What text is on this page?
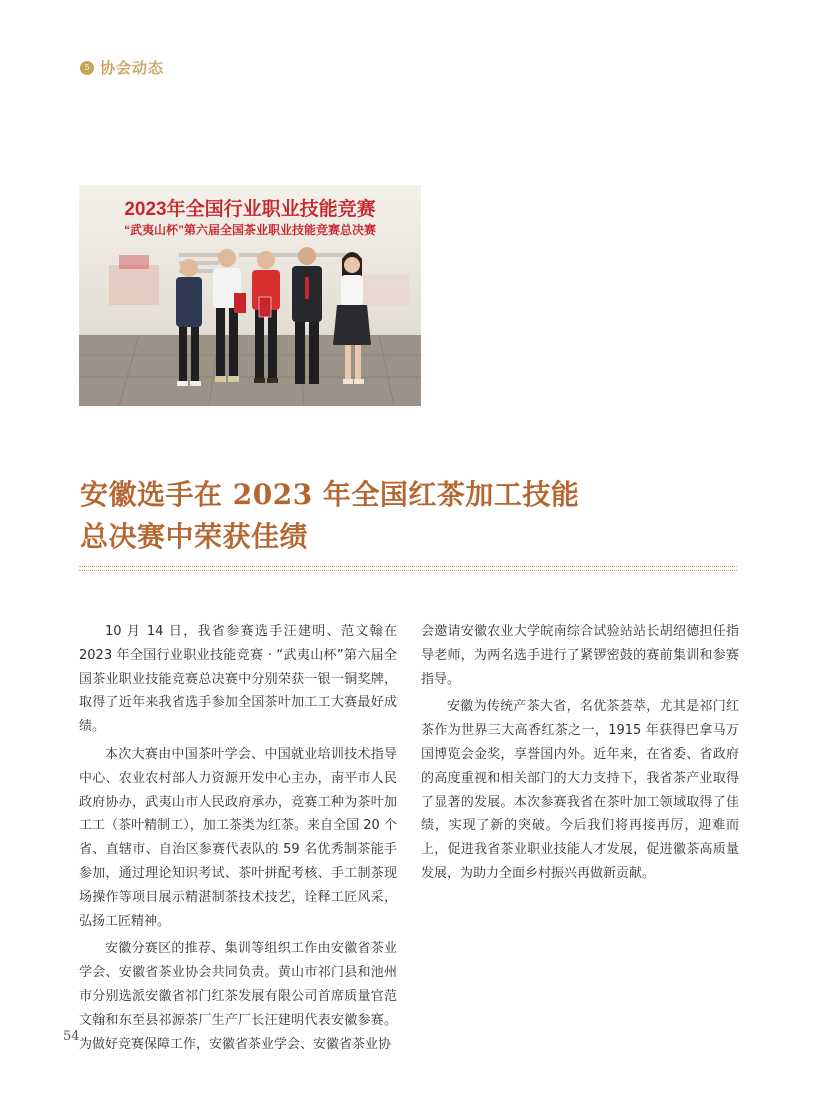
5 协会动态
2023年全国行业职业技能竞赛
“武夷山杯”第六届全国茶业职业技能竞赛总决赛
安徽选手在 2023 年全国红茶加工技能
总决赛中荣获佳绩

10 月 14 日，我省参赛选手汪建明、范文翰在 2023 年全国行业职业技能竞赛 · “武夷山杯”第六届全国茶业职业技能竞赛总决赛中分别荣获一银一铜奖牌，取得了近年来我省选手参加全国茶叶加工工大赛最好成绩。

本次大赛由中国茶叶学会、中国就业培训技术指导中心、农业农村部人力资源开发中心主办，南平市人民政府协办，武夷山市人民政府承办，竞赛工种为茶叶加工工（茶叶精制工），加工茶类为红茶。来自全国 20 个省、直辖市、自治区参赛代表队的 59 名优秀制茶能手参加，通过理论知识考试、茶叶拼配考核、手工制茶现场操作等项目展示精湛制茶技术技艺，诠释工匠风采，弘扬工匠精神。

安徽分赛区的推荐、集训等组织工作由安徽省茶业学会、安徽省茶业协会共同负责。黄山市祁门县和池州市分别选派安徽省祁门红茶发展有限公司首席质量官范文翰和东至县祁源茶厂生产厂长汪建明代表安徽参赛。为做好竞赛保障工作，安徽省茶业学会、安徽省茶业协

会邀请安徽农业大学皖南综合试验站站长胡绍德担任指导老师，为两名选手进行了紧锣密鼓的赛前集训和参赛指导。

安徽为传统产茶大省，名优茶荟萃，尤其是祁门红茶作为世界三大高香红茶之一，1915 年获得巴拿马万国博览会金奖，享誉国内外。近年来，在省委、省政府的高度重视和相关部门的大力支持下，我省茶产业取得了显著的发展。本次参赛我省在茶叶加工领域取得了佳绩，实现了新的突破。今后我们将再接再厉，迎难而上，促进我省茶业职业技能人才发展，促进徽茶高质量发展，为助力全面乡村振兴再做新贡献。

54
